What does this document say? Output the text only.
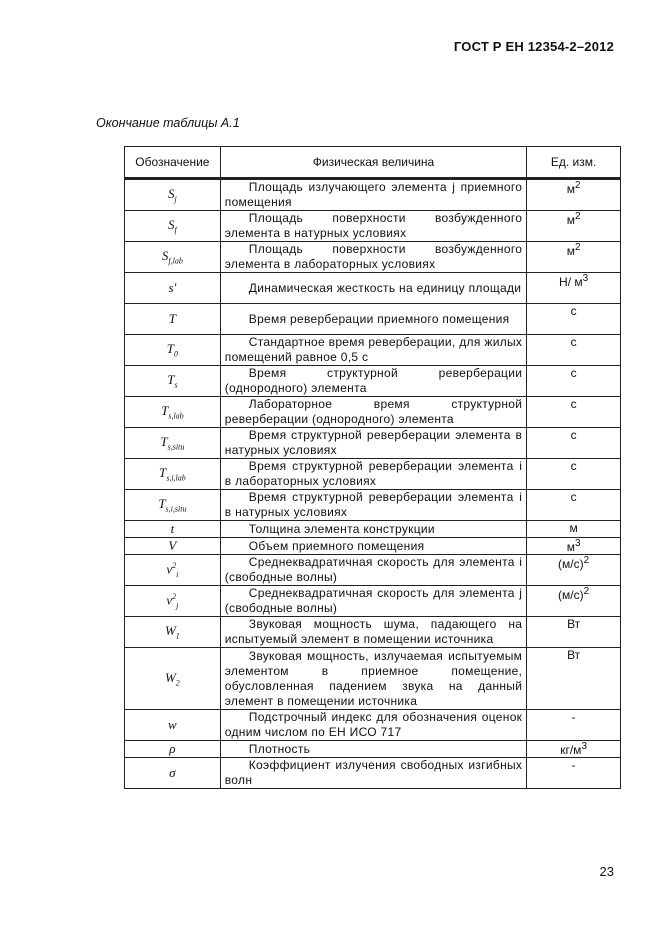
ГОСТ Р ЕН 12354-2–2012
Окончание таблицы А.1
Обозначение	Физическая величина	Ед. изм.

$S_j$	Площадь излучающего элемента j приемного помещения	$м^2$
$S_f$	Площадь поверхности возбужденного элемента в натурных условиях	$м^2$
$S_{f,lab}$	Площадь поверхности возбужденного элемента в лабораторных условиях	$м^2$
s'	Динамическая жесткость на единицу площади	Н/ $м^3$
T	Время реверберации приемного помещения	с
$T_0$	Стандартное время реверберации, для жилых помещений равное 0,5 с	с
$T_s$	Время структурной реверберации (однородного) элемента	с
$T_{s,lab}$	Лабораторное время структурной реверберации (однородного) элемента	с
$T_{s,situ}$	Время структурной реверберации элемента в натурных условиях	с
$T_{s,i,lab}$	Время структурной реверберации элемента i в лабораторных условиях	с
$T_{s,i,situ}$	Время структурной реверберации элемента i в натурных условиях	с
t	Толщина элемента конструкции	м
V	Объем приемного помещения	$м^3$
$v^2_i$	Среднеквадратичная скорость для элемента i (свободные волны)	$(м/с)^2$
$v^2_j$	Среднеквадратичная скорость для элемента j (свободные волны)	$(м/с)^2$
$W_1$	Звуковая мощность шума, падающего на испытуемый элемент в помещении источника	Вт
$W_2$	Звуковая мощность, излучаемая испытуемым элементом в приемное помещение, обусловленная падением звука на данный элемент в помещении источника	Вт
w	Подстрочный индекс для обозначения оценок одним числом по ЕН ИСО 717	-
ρ	Плотность	$кг/м^3$
σ	Коэффициент излучения свободных изгибных волн	-
23
